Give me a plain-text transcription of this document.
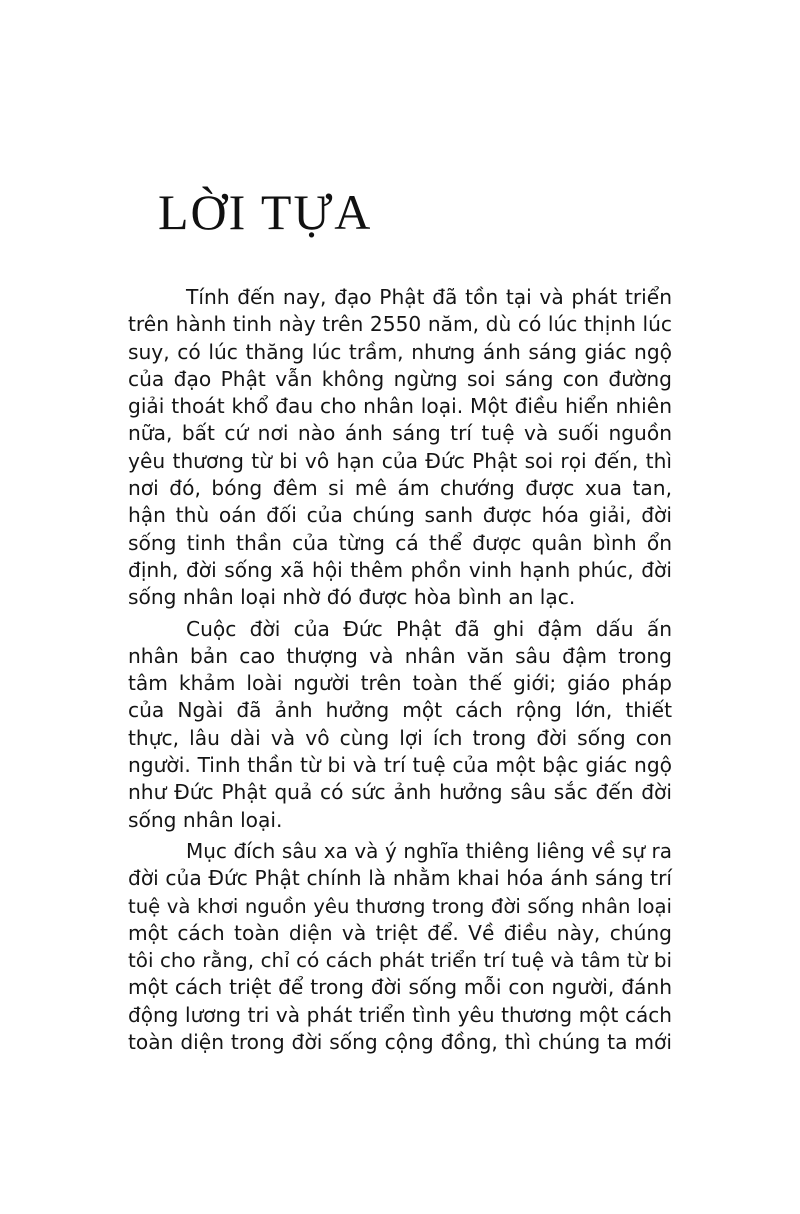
LỜI TỰA

Tính đến nay, đạo Phật đã tồn tại và phát triển
trên hành tinh này trên 2550 năm, dù có lúc thịnh lúc
suy, có lúc thăng lúc trầm, nhưng ánh sáng giác ngộ
của đạo Phật vẫn không ngừng soi sáng con đường
giải thoát khổ đau cho nhân loại. Một điều hiển nhiên
nữa, bất cứ nơi nào ánh sáng trí tuệ và suối nguồn
yêu thương từ bi vô hạn của Đức Phật soi rọi đến, thì
nơi đó, bóng đêm si mê ám chướng được xua tan,
hận thù oán đối của chúng sanh được hóa giải, đời
sống tinh thần của từng cá thể được quân bình ổn
định, đời sống xã hội thêm phồn vinh hạnh phúc, đời
sống nhân loại nhờ đó được hòa bình an lạc.

Cuộc đời của Đức Phật đã ghi đậm dấu ấn
nhân bản cao thượng và nhân văn sâu đậm trong
tâm khảm loài người trên toàn thế giới; giáo pháp
của Ngài đã ảnh hưởng một cách rộng lớn, thiết
thực, lâu dài và vô cùng lợi ích trong đời sống con
người. Tinh thần từ bi và trí tuệ của một bậc giác ngộ
như Đức Phật quả có sức ảnh hưởng sâu sắc đến đời
sống nhân loại.

Mục đích sâu xa và ý nghĩa thiêng liêng về sự ra
đời của Đức Phật chính là nhằm khai hóa ánh sáng trí
tuệ và khơi nguồn yêu thương trong đời sống nhân loại
một cách toàn diện và triệt để. Về điều này, chúng
tôi cho rằng, chỉ có cách phát triển trí tuệ và tâm từ bi
một cách triệt để trong đời sống mỗi con người, đánh
động lương tri và phát triển tình yêu thương một cách
toàn diện trong đời sống cộng đồng, thì chúng ta mới
